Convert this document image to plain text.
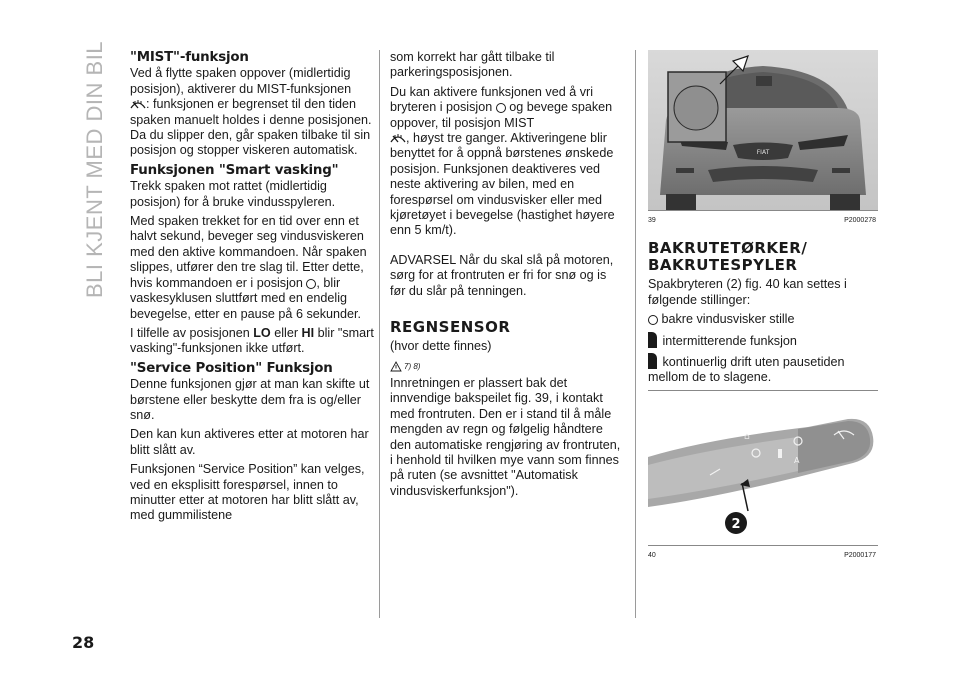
BLI KJENT MED DIN BIL "MIST"-funksjon

Ved å flytte spaken oppover (midlertidig posisjon), aktiverer du MIST-funksjonen
: funksjonen er begrenset til den tiden spaken manuelt holdes i denne posisjonen. Da du slipper den, går spaken tilbake til sin posisjon og stopper viskeren automatisk.

Funksjonen "Smart vasking"

Trekk spaken mot rattet (midlertidig posisjon) for å bruke vindusspyleren.

Med spaken trekket for en tid over enn et halvt sekund, beveger seg vindusviskeren med den aktive kommandoen. Når spaken slippes, utfører den tre slag til. Etter dette, hvis kommandoen er i posisjon , blir vaskesyklusen sluttført med en endelig bevegelse, etter en pause på 6 sekunder.

I tilfelle av posisjonen LO eller HI blir "smart vasking"-funksjonen ikke utført.

"Service Position" Funksjon

Denne funksjonen gjør at man kan skifte ut børstene eller beskytte dem fra is og/eller snø.

Den kan kun aktiveres etter at motoren har blitt slått av.

Funksjonen “Service Position” kan velges, ved en eksplisitt forespørsel, innen to minutter etter at motoren har blitt slått av, med gummilistene

som korrekt har gått tilbake til parkeringsposisjonen.

Du kan aktivere funksjonen ved å vri bryteren i posisjon og bevege spaken oppover, til posisjon MIST
, høyst tre ganger. Aktiveringene blir benyttet for å oppnå børstenes ønskede posisjon. Funksjonen deaktiveres ved neste aktivering av bilen, med en forespørsel om vindusvisker eller med kjøretøyet i bevegelse (hastighet høyere enn 5 km/t).

ADVARSEL Når du skal slå på motoren, sørg for at frontruten er fri for snø og is før du slår på tenningen.

REGNSENSOR

(hvor dette finnes)

7) 8)

Innretningen er plassert bak det innvendige bakspeilet fig. 39, i kontakt med frontruten. Den er i stand til å måle mengden av regn og følgelig håndtere den automatiske rengjøring av frontruten, i henhold til hvilken mye vann som finnes på ruten (se avsnittet "Automatisk vindusviskerfunksjon").

FIAT
39	P2000278
BAKRUTETØRKER/ BAKRUTESPYLER

Spakbryteren (2) fig. 40 kan settes i følgende stillinger:

bakre vindusvisker stille

intermitterende funksjon

kontinuerlig drift uten pausetiden mellom de to slagene.

⌂
A
2
40	P2000177
28
